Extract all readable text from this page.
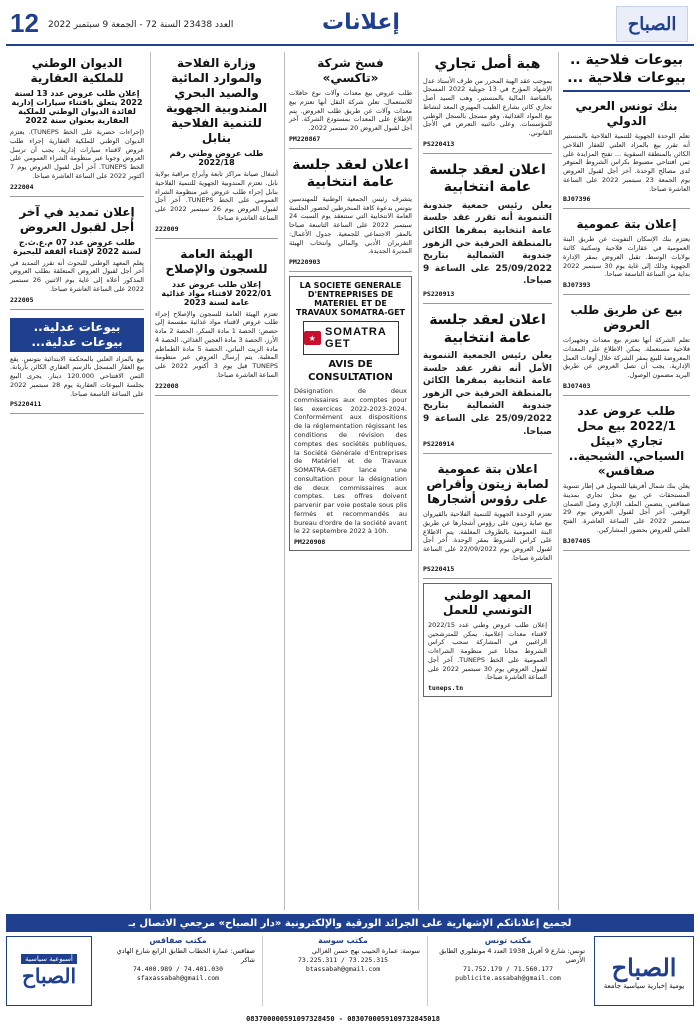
12 العدد 23438 السنة 72 - الجمعة 9 سبتمبر 2022	إعلانات	الصباح
بيوعات فلاحية .. بيوعات فلاحية ...
بنك تونس العربي الدولي
تعلم الوحدة الجهوية للتنمية الفلاحية بالمنستير أنه تقرر بيع بالمزاد العلني للعقار الفلاحي الكائن بالمنطقة السقوية ... تفتح المزايدة على ثمن افتتاحي مضبوط بكراس الشروط المتوفر لدى مصالح الوحدة. آخر أجل لقبول العروض يوم الجمعة 23 سبتمبر 2022 على الساعة العاشرة صباحا.
BJ07396
إعلان بتة عمومية
يعتزم بنك الإسكان التفويت عن طريق البتة العمومية في عقارات فلاحية وسكنية كائنة بولايات الوسط. تقبل العروض بمقر الإدارة الجهوية وذلك إلى غاية يوم 30 سبتمبر 2022 بداية من الساعة التاسعة صباحا.
BJ07393
بيع عن طريق طلب العروض
تعلم الشركة أنها تعتزم بيع معدات وتجهيزات فلاحية مستعملة. يمكن الاطلاع على المعدات المعروضة للبيع بمقر الشركة خلال أوقات العمل الإدارية. يجب أن تصل العروض عن طريق البريد مضمون الوصول.
BJ07403
طلب عروض عدد 2022/1 بيع محل تجاري «بيئل السياحي. الشيحية.. صفاقس»
يعلن بنك شمال أفريقيا للتمويل في إطار تسوية المستحقات عن بيع محل تجاري بمدينة صفاقس. يتضمن الملف الإداري وصل الضمان الوقتي. آخر أجل لقبول العروض يوم 29 سبتمبر 2022 على الساعة العاشرة. الفتح العلني للعروض بحضور المشاركين.
BJ07405
هبة أصل تجاري
بموجب عقد الهبة المحرر من طرف الأستاذ عدل الإشهاد المؤرخ في 13 جويلية 2022 المسجل بالقباضة المالية بالمنستير، وهب السيد أصل تجاري كائن بشارع الطيب المهيري المعد لنشاط بيع المواد الغذائية، وهو مسجل بالسجل الوطني للمؤسسات. وعلى دائنيه التعرض في الأجل القانوني.
PS220413
اعلان لعقد جلسة عامة انتخابية
يعلن رئيس جمعية جندوبة التنموية أنه تقرر عقد جلسة عامة انتخابية بمقرها الكائن بالمنطقة الحرفية حي الزهور جندوبة الشمالية بتاريخ 25/09/2022 على الساعة 9 صباحا.
PS220913
اعلان لعقد جلسة عامة انتخابية
يعلن رئيس الجمعية التنموية الأمل أنه تقرر عقد جلسة عامة انتخابية بمقرها الكائن بالمنطقة الحرفية حي الزهور جندوبة الشمالية بتاريخ 25/09/2022 على الساعة 9 صباحا.
PS220914
اعلان بتة عمومية لصابة زيتون وأقراص على رؤوس أشجارها
تعتزم الوحدة الجهوية للتنمية الفلاحية بالقيروان بيع صابة زيتون على رؤوس أشجارها عن طريق البتة العمومية بالظروف المغلقة. يتم الاطلاع على كراس الشروط بمقر الوحدة. آخر أجل لقبول العروض يوم 22/09/2022 على الساعة العاشرة صباحا.
PS220415
المعهد الوطني التونسي للعمل
إعلان طلب عروض وطني عدد 2022/15 لاقتناء معدات إعلامية. يمكن للمترشحين الراغبين في المشاركة سحب كراس الشروط مجانا عبر منظومة الشراءات العمومية على الخط TUNEPS. آخر أجل لقبول العروض يوم 30 سبتمبر 2022 على الساعة العاشرة صباحا.
tuneps.tn
فسخ شركة «تاكسي»
طلب عروض بيع معدات وآلات نوع حافلات للاستعمال. تعلن شركة النقل أنها تعتزم بيع معدات وآلات عن طريق طلب العروض. يتم الإطلاع على المعدات بمستودع الشركة. آخر أجل لقبول العروض 20 سبتمبر 2022.
PM220867
اعلان لعقد جلسة عامة انتخابية
يتشرف رئيس الجمعية الوطنية للمهندسين بتونس بدعوة كافة المنخرطين لحضور الجلسة العامة الانتخابية التي ستنعقد يوم السبت 24 سبتمبر 2022 على الساعة التاسعة صباحا بالمقر الاجتماعي للجمعية. جدول الأعمال: التقريران الأدبي والمالي وانتخاب الهيئة المديرة الجديدة.
PM220903
LA SOCIETE GENERALE D'ENTREPRISES DE MATERIEL ET DE TRAVAUX SOMATRA-GET
★ SOMATRA GET
AVIS DE CONSULTATION
Désignation de deux commissaires aux comptes pour les exercices 2022-2023-2024. Conformément aux dispositions de la réglementation régissant les conditions de révision des comptes des sociétés publiques, la Société Générale d'Entreprises de Matériel et de Travaux SOMATRA-GET lance une consultation pour la désignation de deux commissaires aux comptes. Les offres doivent parvenir par voie postale sous plis fermés et recommandés au bureau d'ordre de la société avant le 22 septembre 2022 à 10h.
PM220908
وزارة الفلاحة والموارد المائية والصيد البحري المندوبية الجهوية للتنمية الفلاحية بنابل
طلب عروض وطني رقم 2022/18
أشغال صيانة مراكز تابعة وأبراج مراقبة بولاية نابل. تعتزم المندوبية الجهوية للتنمية الفلاحية بنابل إجراء طلب عروض عبر منظومة الشراء العمومي على الخط TUNEPS. آخر أجل لقبول العروض يوم 26 سبتمبر 2022 على الساعة العاشرة صباحا.
222009
الهيئة العامة للسجون والإصلاح
إعلان طلب عروض عدد 2022/01 لاقتناء مواد غذائية عامة لسنة 2023
تعتزم الهيئة العامة للسجون والإصلاح إجراء طلب عروض لاقتناء مواد غذائية مقسمة إلى حصص: الحصة 1 مادة السكر، الحصة 2 مادة الأرز، الحصة 3 مادة العجين الغذائي، الحصة 4 مادة الزيت النباتي، الحصة 5 مادة الطماطم المعلبة. يتم إرسال العروض عبر منظومة TUNEPS قبل يوم 3 أكتوبر 2022 على الساعة العاشرة صباحا.
222008
الديوان الوطني للملكية العقارية
إعلان طلب عروض عدد 13 لسنة 2022 يتعلق باقتناء سيارات إدارية لفائدة الديوان الوطني للملكية العقارية بعنوان سنة 2022
(إجراءات حصرية على الخط TUNEPS). يعتزم الديوان الوطني للملكية العقارية إجراء طلب عروض لاقتناء سيارات إدارية. يجب أن ترسل العروض وجوبا عبر منظومة الشراء العمومي على الخط TUNEPS. آخر أجل لقبول العروض يوم 7 أكتوبر 2022 على الساعة العاشرة صباحا.
222004
إعلان تمديد في آخر أجل لقبول العروض
طلب عروض عدد 07 م.ع.ث.ج لسنة 2022 لإقتناء ألقفة للبحيرة
يعلم المعهد الوطني للبحوث أنه تقرر التمديد في آخر أجل لقبول العروض المتعلقة بطلب العروض المذكور أعلاه إلى غاية يوم الاثنين 26 سبتمبر 2022 على الساعة العاشرة صباحا.
222005
بيوعات عدلية.. بيوعات عدلية...
بيع بالمزاد العلني بالمحكمة الابتدائية بتونس. يقع بيع العقار المسجل بالرسم العقاري الكائن بأريانة. الثمن الافتتاحي 120.000 دينار. يجرى البيع بجلسة البيوعات العقارية يوم 28 سبتمبر 2022 على الساعة التاسعة صباحا.
PS220411
لجميع إعلاناتكم الإشهارية على الجرائد الورقية والإلكترونية «دار الصباح» مرجعي الاتصال بـ
الصباح
يومية إخبارية سياسية جامعة
مكتب تونس
تونس: شارع 9 أفريل 1938 العدد 4 مونفلوري الطابق الأرضي
71.752.179 / 71.560.177
publicite.assabah@gmail.com
مكتب سوسة
سوسة: عمارة الحبيب نهج حسن الغزالي
73.225.311 / 73.225.315
btassabah@gmail.com
مكتب صفاقس
صفاقس: عمارة الخطاب الطابق الرابع شارع الهادي شاكر
74.400.989 / 74.401.030
sfaxassabah@gmail.com
أسبوعية سياسية
الصباح
083700000591097328450 - 0830700059109732845018
